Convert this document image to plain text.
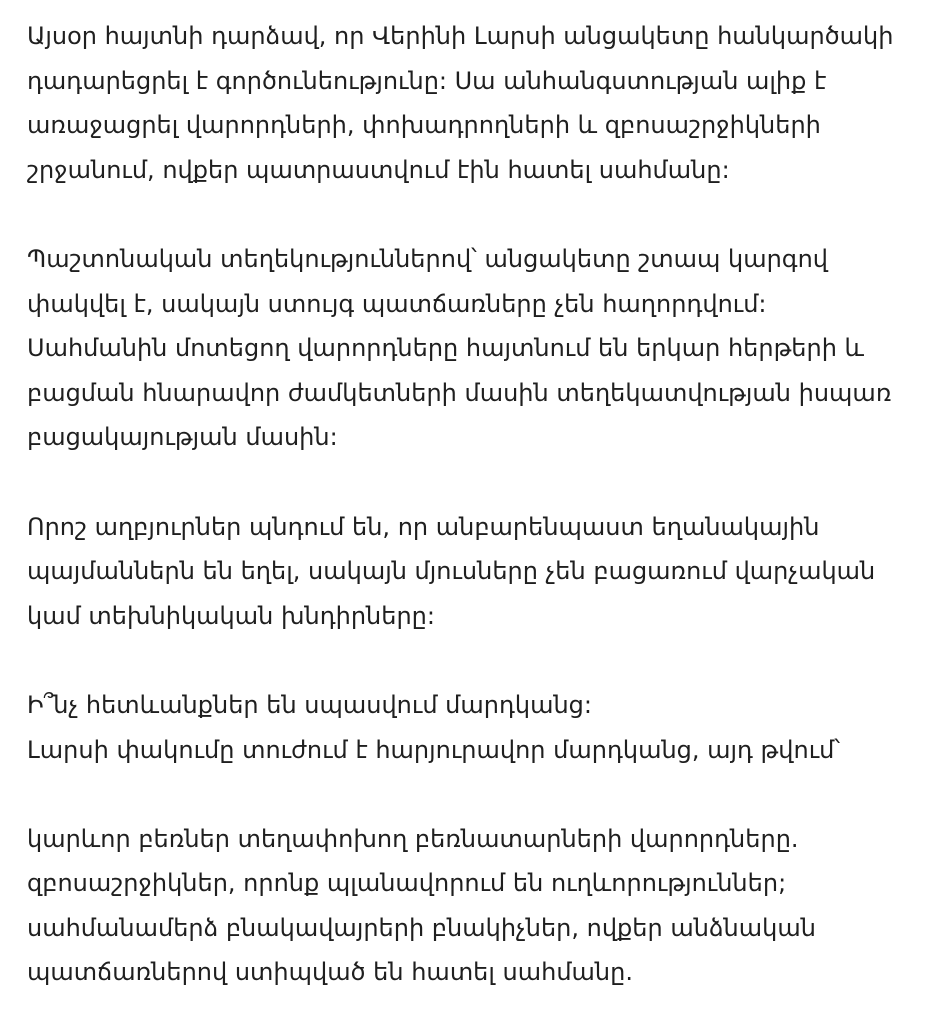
Այսօր հայտնի դարձավ, որ Վերինի Լարսի անցակետը հանկարծակի
դադարեցրել է գործունեությունը: Սա անհանգստության ալիք է
առաջացրել վարորդների, փոխադրողների և զբոսաշրջիկների
շրջանում, ովքեր պատրաստվում էին հատել սահմանը:
Պաշտոնական տեղեկություններով՝ անցակետը շտապ կարգով
փակվել է, սակայն ստույգ պատճառները չեն հաղորդվում:
Սահմանին մոտեցող վարորդները հայտնում են երկար հերթերի և
բացման հնարավոր ժամկետների մասին տեղեկատվության իսպառ
բացակայության մասին:
Որոշ աղբյուրներ պնդում են, որ անբարենպաստ եղանակային
պայմաններն են եղել, սակայն մյուսները չեն բացառում վարչական
կամ տեխնիկական խնդիրները:
Ի՞նչ հետևանքներ են սպասվում մարդկանց:
Լարսի փակումը տուժում է հարյուրավոր մարդկանց, այդ թվում՝
կարևոր բեռներ տեղափոխող բեռնատարների վարորդները.
զբոսաշրջիկներ, որոնք պլանավորում են ուղևորություններ;
սահմանամերձ բնակավայրերի բնակիչներ, ովքեր անձնական
պատճառներով ստիպված են հատել սահմանը.
